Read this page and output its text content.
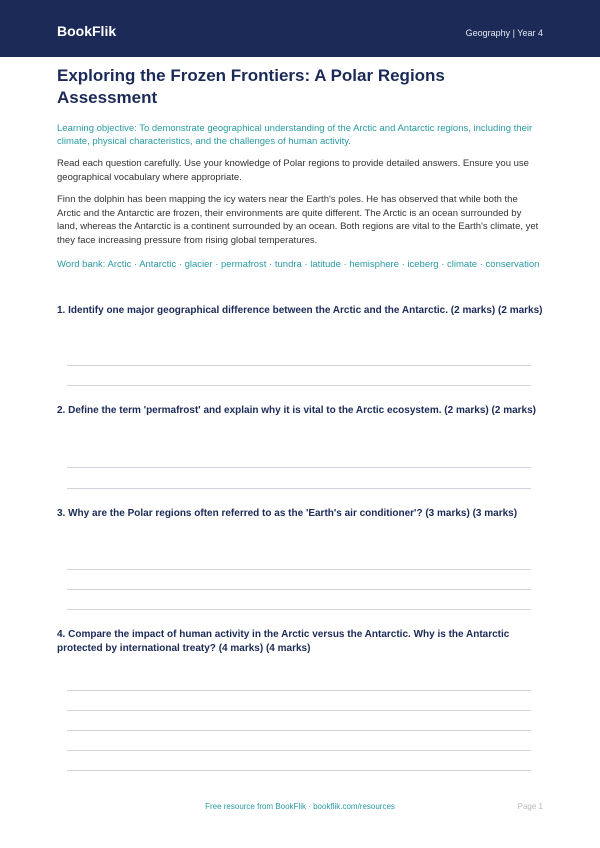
BookFlik	Geography | Year 4
Exploring the Frozen Frontiers: A Polar Regions Assessment
Learning objective: To demonstrate geographical understanding of the Arctic and Antarctic regions, including their climate, physical characteristics, and the challenges of human activity.
Read each question carefully. Use your knowledge of Polar regions to provide detailed answers. Ensure you use geographical vocabulary where appropriate.
Finn the dolphin has been mapping the icy waters near the Earth's poles. He has observed that while both the Arctic and the Antarctic are frozen, their environments are quite different. The Arctic is an ocean surrounded by land, whereas the Antarctic is a continent surrounded by an ocean. Both regions are vital to the Earth's climate, yet they face increasing pressure from rising global temperatures.
Word bank: Arctic · Antarctic · glacier · permafrost · tundra · latitude · hemisphere · iceberg · climate · conservation
1. Identify one major geographical difference between the Arctic and the Antarctic. (2 marks) (2 marks)
2. Define the term 'permafrost' and explain why it is vital to the Arctic ecosystem. (2 marks) (2 marks)
3. Why are the Polar regions often referred to as the 'Earth's air conditioner'? (3 marks) (3 marks)
4. Compare the impact of human activity in the Arctic versus the Antarctic. Why is the Antarctic protected by international treaty? (4 marks) (4 marks)
Free resource from BookFlik · bookflik.com/resources	Page 1
